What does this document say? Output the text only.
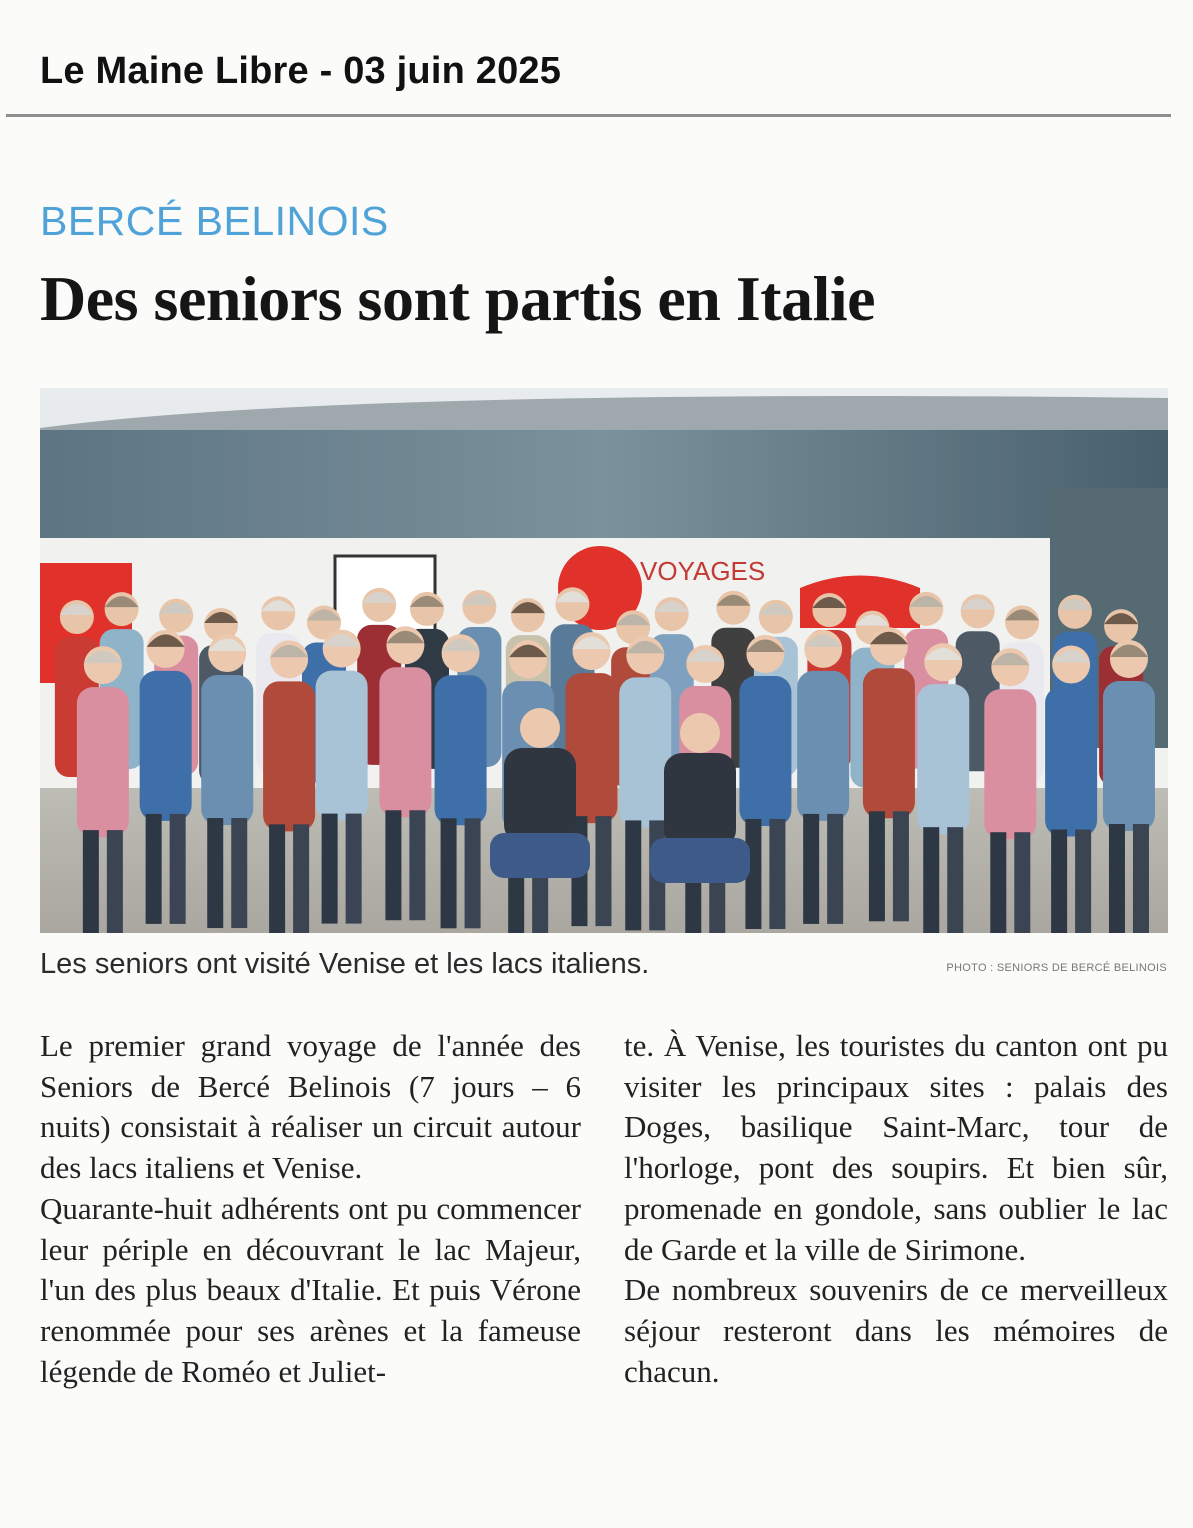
Le Maine Libre - 03 juin 2025
BERCÉ BELINOIS
Des seniors sont partis en Italie
VOYAGES
Les seniors ont visité Venise et les lacs italiens.	PHOTO : SENIORS DE BERCÉ BELINOIS

Le premier grand voyage de l'année des Seniors de Bercé Belinois (7 jours – 6 nuits) consistait à réaliser un circuit autour des lacs italiens et Venise.

Quarante-huit adhérents ont pu commencer leur périple en découvrant le lac Majeur, l'un des plus beaux d'Italie. Et puis Vérone renommée pour ses arènes et la fameuse légende de Roméo et Juliet-

te. À Venise, les touristes du canton ont pu visiter les principaux sites : palais des Doges, basilique Saint-Marc, tour de l'horloge, pont des soupirs. Et bien sûr, promenade en gondole, sans oublier le lac de Garde et la ville de Sirimone.

De nombreux souvenirs de ce merveilleux séjour resteront dans les mémoires de chacun.
